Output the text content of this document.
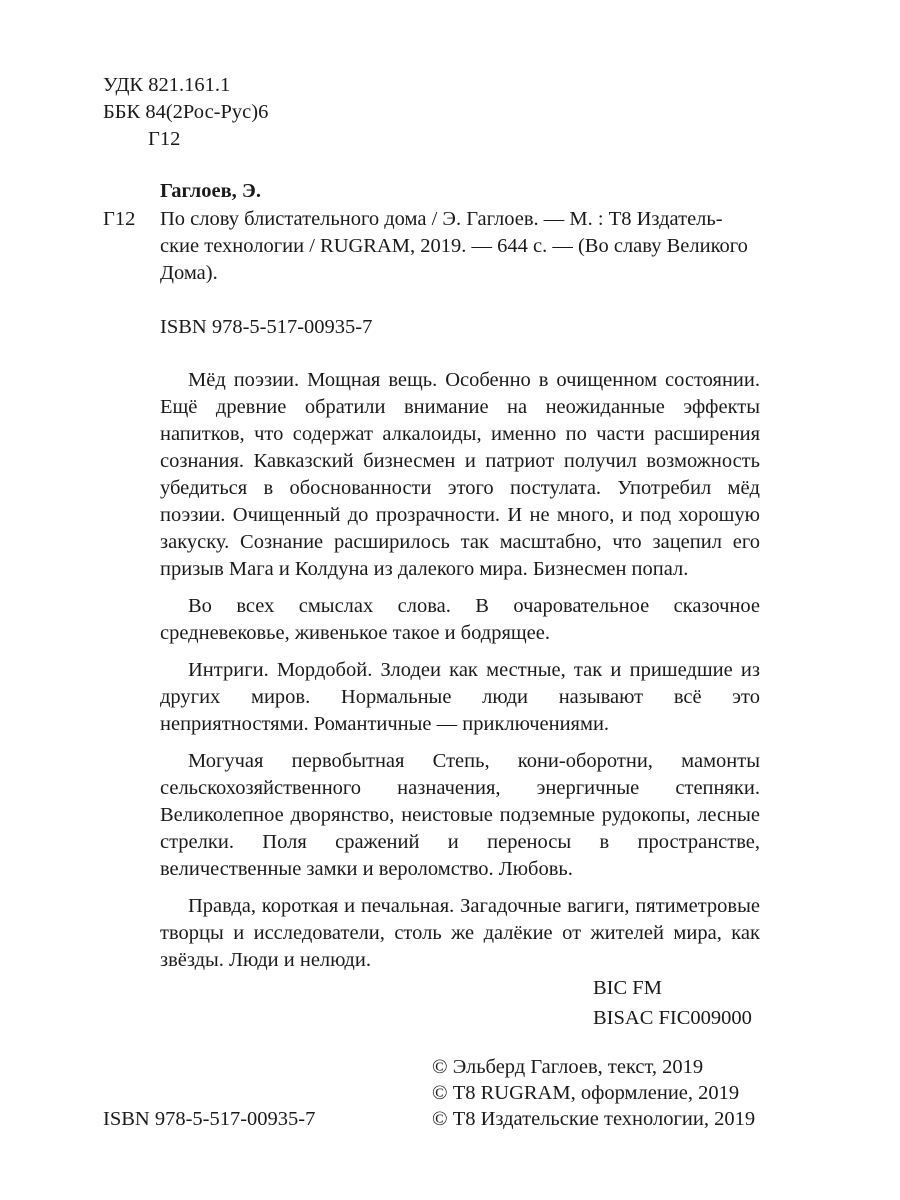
УДК 821.161.1
ББК 84(2Рос-Рус)6
Г12
Гаглоев, Э.
Г12 По слову блистательного дома / Э. Гаглоев. — М. : Т8 Издатель-
ские технологии / RUGRAM, 2019. — 644 с. — (Во славу Великого
Дома).
ISBN 978-5-517-00935-7

Мёд поэзии. Мощная вещь. Особенно в очищенном состоянии. Ещё древние обратили внимание на неожиданные эффекты напитков, что содержат алкалоиды, именно по части расширения сознания. Кавказский бизнесмен и патриот получил возможность убедиться в обоснованности этого постулата. Употребил мёд поэзии. Очищенный до прозрачности. И не много, и под хорошую закуску. Сознание расширилось так масштабно, что зацепил его призыв Мага и Колдуна из далекого мира. Бизнесмен попал.

Во всех смыслах слова. В очаровательное сказочное средневековье, живенькое такое и бодрящее.

Интриги. Мордобой. Злодеи как местные, так и пришедшие из других миров. Нормальные люди называют всё это неприятностями. Романтичные — приключениями.

Могучая первобытная Степь, кони-оборотни, мамонты сельскохозяйственного назначения, энергичные степняки. Великолепное дворянство, неистовые подземные рудокопы, лесные стрелки. Поля сражений и переносы в пространстве, величественные замки и вероломство. Любовь.

Правда, короткая и печальная. Загадочные вагиги, пятиметровые творцы и исследователи, столь же далёкие от жителей мира, как звёзды. Люди и нелюди.

BIC FM
BISAC FIC009000
© Эльберд Гаглоев, текст, 2019
© Т8 RUGRAM, оформление, 2019
© Т8 Издательские технологии, 2019
ISBN 978-5-517-00935-7
